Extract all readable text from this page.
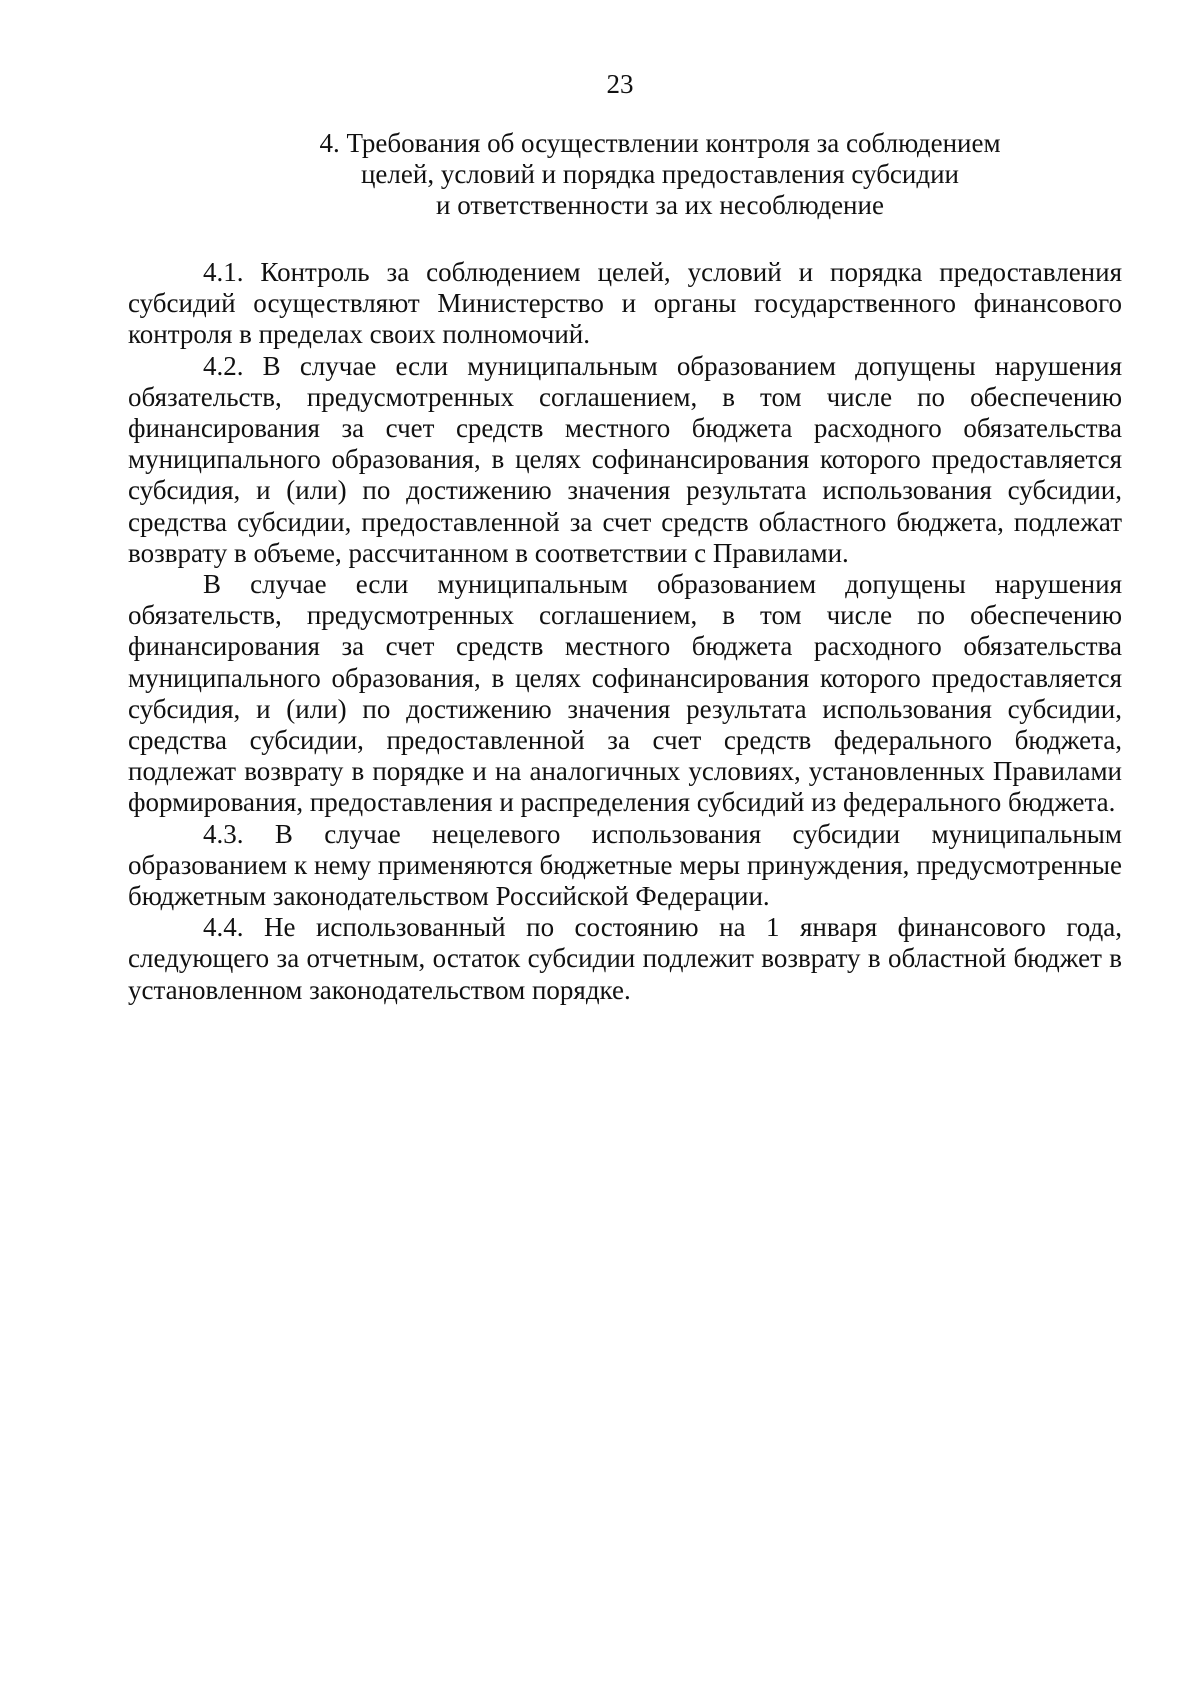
23
4. Требования об осуществлении контроля за соблюдением
целей, условий и порядка предоставления субсидии
и ответственности за их несоблюдение

4.1. Контроль за соблюдением целей, условий и порядка предоставления субсидий осуществляют Министерство и органы государственного финансового контроля в пределах своих полномочий.

4.2. В случае если муниципальным образованием допущены нарушения обязательств, предусмотренных соглашением, в том числе по обеспечению финансирования за счет средств местного бюджета расходного обязательства муниципального образования, в целях софинансирования которого предоставляется субсидия, и (или) по достижению значения результата использования субсидии, средства субсидии, предоставленной за счет средств областного бюджета, подлежат возврату в объеме, рассчитанном в соответствии с Правилами.

В случае если муниципальным образованием допущены нарушения обязательств, предусмотренных соглашением, в том числе по обеспечению финансирования за счет средств местного бюджета расходного обязательства муниципального образования, в целях софинансирования которого предоставляется субсидия, и (или) по достижению значения результата использования субсидии, средства субсидии, предоставленной за счет средств федерального бюджета, подлежат возврату в порядке и на аналогичных условиях, установленных Правилами формирования, предоставления и распределения субсидий из федерального бюджета.

4.3. В случае нецелевого использования субсидии муниципальным образованием к нему применяются бюджетные меры принуждения, предусмотренные бюджетным законодательством Российской Федерации.

4.4. Не использованный по состоянию на 1 января финансового года, следующего за отчетным, остаток субсидии подлежит возврату в областной бюджет в установленном законодательством порядке.
